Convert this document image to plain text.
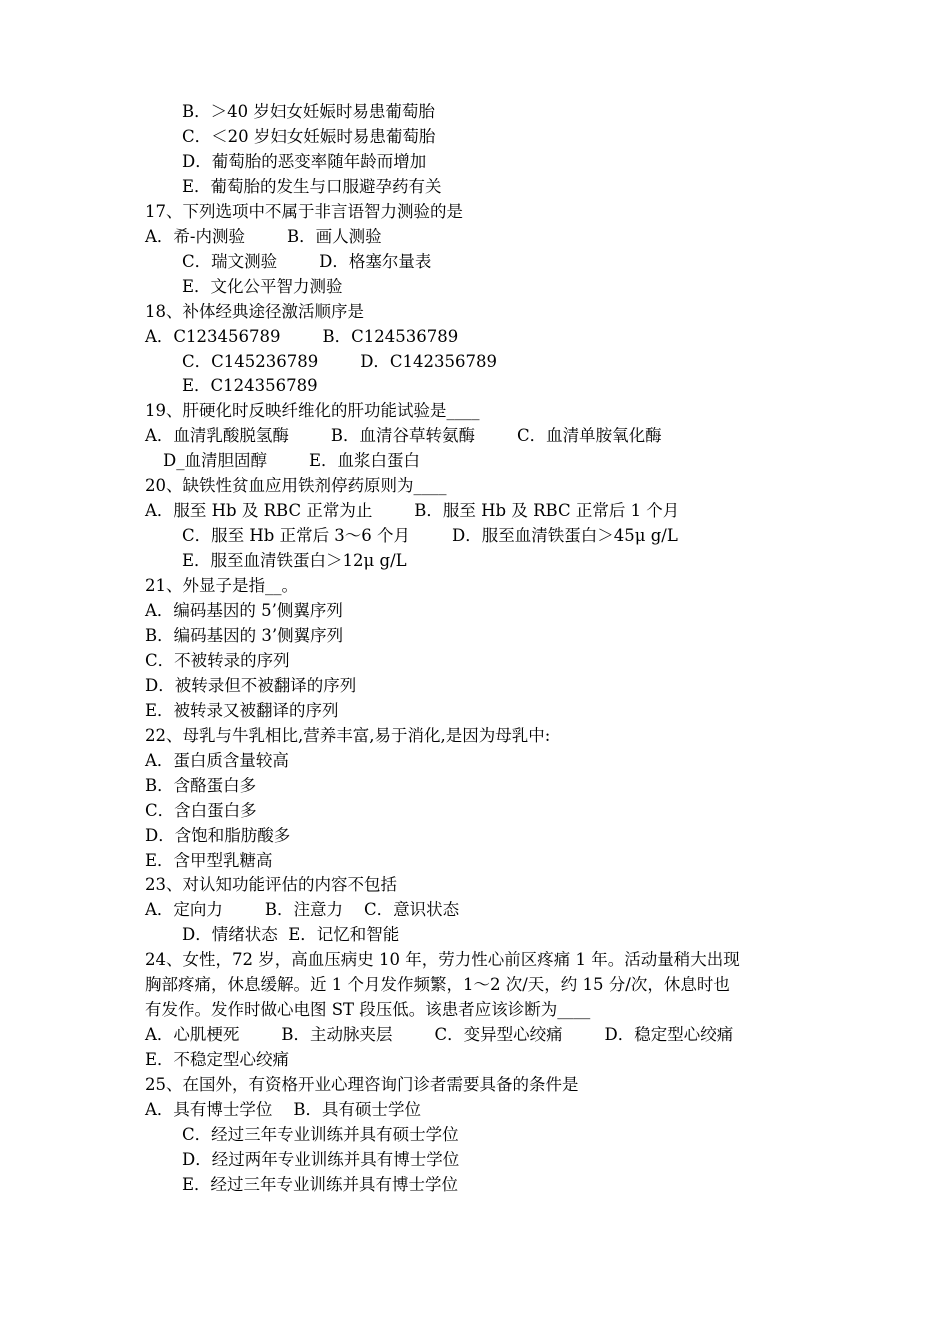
B．＞40 岁妇女妊娠时易患葡萄胎
C．＜20 岁妇女妊娠时易患葡萄胎
D．葡萄胎的恶变率随年龄而增加
E．葡萄胎的发生与口服避孕药有关
17、下列选项中不属于非言语智力测验的是
A．希-内测验        B．画人测验
C．瑞文测验        D．格塞尔量表
E．文化公平智力测验
18、补体经典途径激活顺序是
A．C123456789        B．C124536789
C．C145236789        D．C142356789
E．C124356789
19、肝硬化时反映纤维化的肝功能试验是____
A．血清乳酸脱氢酶        B．血清谷草转氨酶        C．血清单胺氧化酶
D_血清胆固醇        E．血浆白蛋白
20、缺铁性贫血应用铁剂停药原则为____
A．服至 Hb 及 RBC 正常为止        B．服至 Hb 及 RBC 正常后 1 个月
C．服至 Hb 正常后 3～6 个月        D．服至血清铁蛋白＞45μ g/L
E．服至血清铁蛋白＞12μ g/L
21、外显子是指__。
A．编码基因的 5’侧翼序列
B．编码基因的 3’侧翼序列
C．不被转录的序列
D．被转录但不被翻译的序列
E．被转录又被翻译的序列
22、母乳与牛乳相比,营养丰富,易于消化,是因为母乳中:
A．蛋白质含量较高
B．含酪蛋白多
C．含白蛋白多
D．含饱和脂肪酸多
E．含甲型乳糖高
23、对认知功能评估的内容不包括
A．定向力        B．注意力    C．意识状态
D．情绪状态  E．记忆和智能
24、女性，72 岁，高血压病史 10 年，劳力性心前区疼痛 1 年。活动量稍大出现
胸部疼痛，休息缓解。近 1 个月发作频繁，1～2 次/天，约 15 分/次，休息时也
有发作。发作时做心电图 ST 段压低。该患者应该诊断为____
A．心肌梗死        B．主动脉夹层        C．变异型心绞痛        D．稳定型心绞痛
E．不稳定型心绞痛
25、在国外，有资格开业心理咨询门诊者需要具备的条件是
A．具有博士学位    B．具有硕士学位
C．经过三年专业训练并具有硕士学位
D．经过两年专业训练并具有博士学位
E．经过三年专业训练并具有博士学位
